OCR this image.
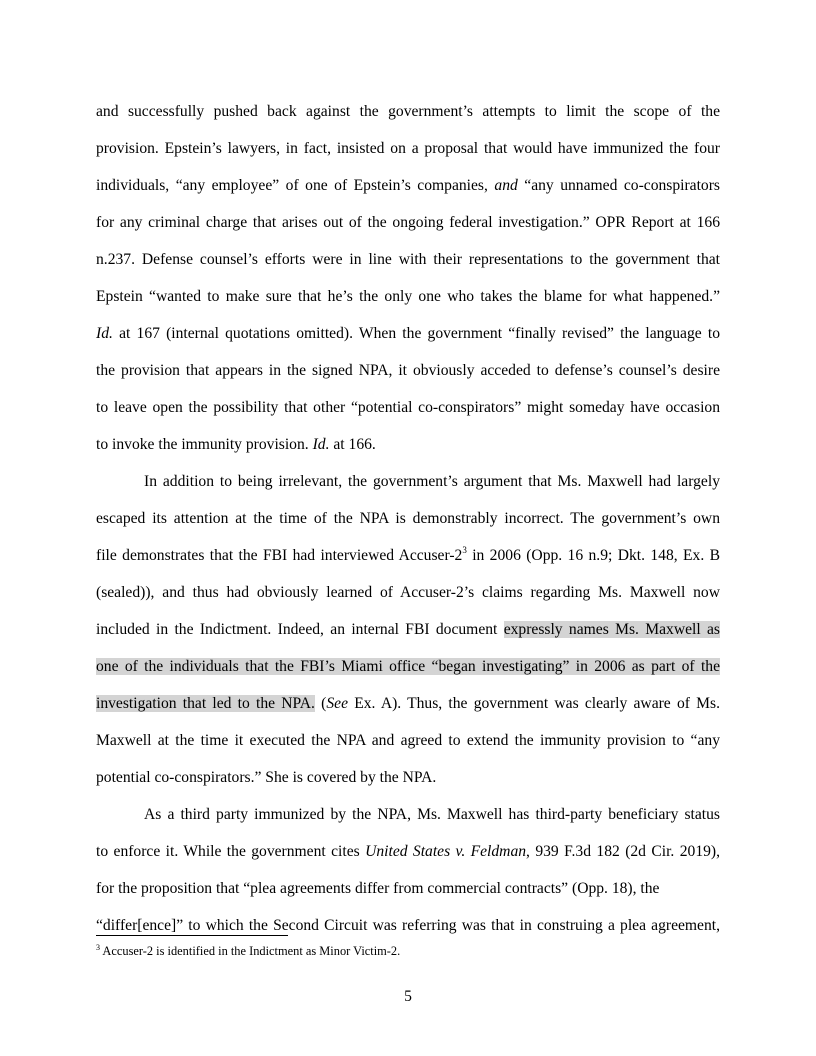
and successfully pushed back against the government’s attempts to limit the scope of the
provision. Epstein’s lawyers, in fact, insisted on a proposal that would have immunized the four
individuals, “any employee” of one of Epstein’s companies, and “any unnamed co-conspirators
for any criminal charge that arises out of the ongoing federal investigation.” OPR Report at 166
n.237. Defense counsel’s efforts were in line with their representations to the government that
Epstein “wanted to make sure that he’s the only one who takes the blame for what happened.”
Id. at 167 (internal quotations omitted). When the government “finally revised” the language to
the provision that appears in the signed NPA, it obviously acceded to defense’s counsel’s desire
to leave open the possibility that other “potential co-conspirators” might someday have occasion
to invoke the immunity provision. Id. at 166.
In addition to being irrelevant, the government’s argument that Ms. Maxwell had largely
escaped its attention at the time of the NPA is demonstrably incorrect. The government’s own
file demonstrates that the FBI had interviewed Accuser-$2^3$ in 2006 (Opp. 16 n.9; Dkt. 148, Ex. B
(sealed)), and thus had obviously learned of Accuser-2’s claims regarding Ms. Maxwell now
included in the Indictment. Indeed, an internal FBI document expressly names Ms. Maxwell as
one of the individuals that the FBI’s Miami office “began investigating” in 2006 as part of the
investigation that led to the NPA. (See Ex. A). Thus, the government was clearly aware of Ms.
Maxwell at the time it executed the NPA and agreed to extend the immunity provision to “any
potential co-conspirators.” She is covered by the NPA.
As a third party immunized by the NPA, Ms. Maxwell has third-party beneficiary status
to enforce it. While the government cites United States v. Feldman, 939 F.3d 182 (2d Cir. 2019),
for the proposition that “plea agreements differ from commercial contracts” (Opp. 18), the
“differ[ence]” to which the Second Circuit was referring was that in construing a plea agreement,
$^3$ Accuser-2 is identified in the Indictment as Minor Victim-2.
5
